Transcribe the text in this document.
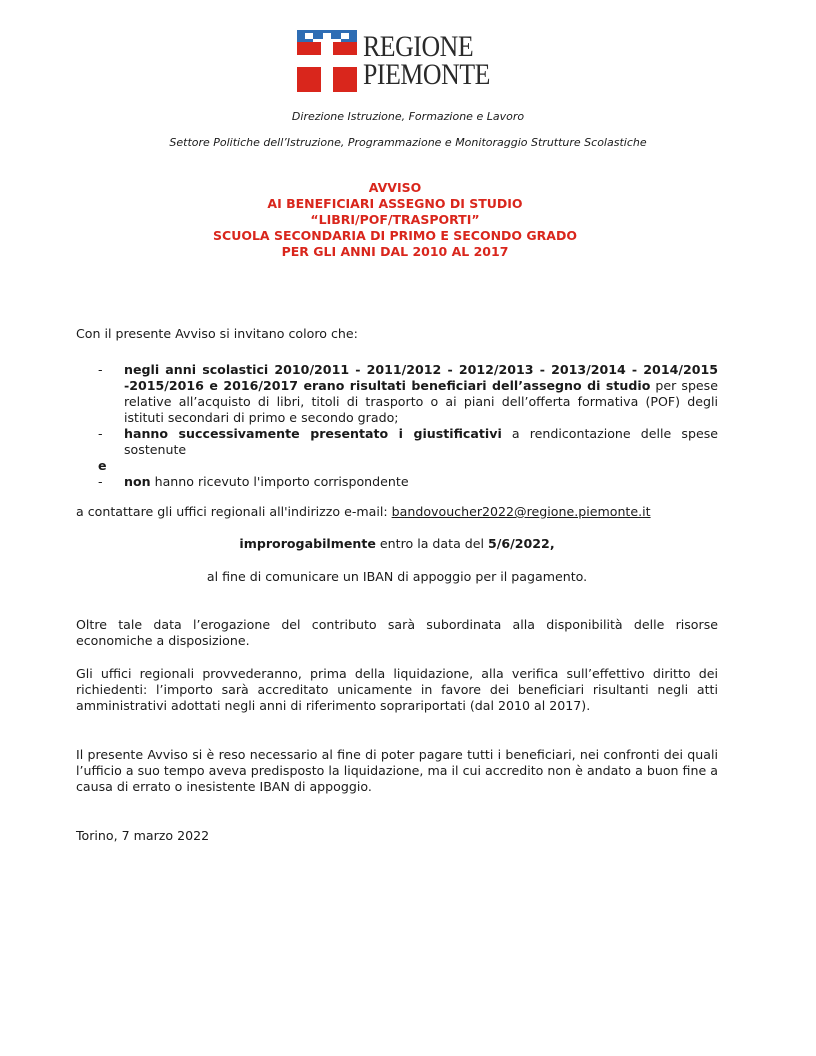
REGIONE
PIEMONTE
Direzione Istruzione, Formazione e Lavoro
Settore Politiche dell’Istruzione, Programmazione e Monitoraggio Strutture Scolastiche
AVVISO
AI BENEFICIARI ASSEGNO DI STUDIO
“LIBRI/POF/TRASPORTI”
SCUOLA SECONDARIA DI PRIMO E SECONDO GRADO
PER GLI ANNI DAL 2010 AL 2017
Con il presente Avviso si invitano coloro che:
-	negli anni scolastici 2010/2011 - 2011/2012 - 2012/2013 - 2013/2014 - 2014/2015 -2015/2016 e 2016/2017 erano risultati beneficiari dell’assegno di studio per spese relative all’acquisto di libri, titoli di trasporto o ai piani dell’offerta formativa (POF) degli istituti secondari di primo e secondo grado;
-	hanno successivamente presentato i giustificativi a rendicontazione delle spese sostenute
e
-	non hanno ricevuto l'importo corrispondente
a contattare gli uffici regionali all'indirizzo e-mail: bandovoucher2022@regione.piemonte.it
improrogabilmente entro la data del 5/6/2022,
al fine di comunicare un IBAN di appoggio per il pagamento.
Oltre tale data l’erogazione del contributo sarà subordinata alla disponibilità delle risorse economiche a disposizione.
Gli uffici regionali provvederanno, prima della liquidazione, alla verifica sull’effettivo diritto dei richiedenti: l’importo sarà accreditato unicamente in favore dei beneficiari risultanti negli atti amministrativi adottati negli anni di riferimento soprariportati (dal 2010 al 2017).
Il presente Avviso si è reso necessario al fine di poter pagare tutti i beneficiari, nei confronti dei quali l’ufficio a suo tempo aveva predisposto la liquidazione, ma il cui accredito non è andato a buon fine a causa di errato o inesistente IBAN di appoggio.
Torino, 7 marzo 2022
